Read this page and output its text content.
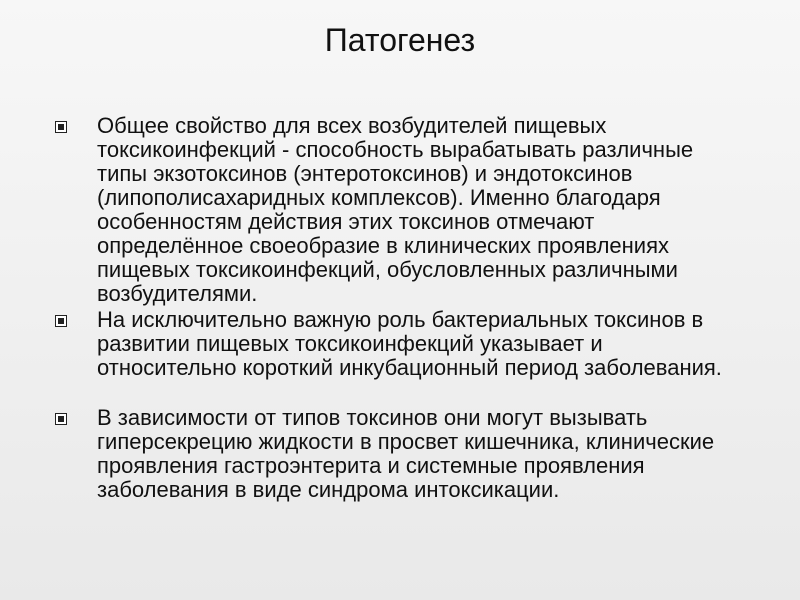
Патогенез
Общее свойство для всех возбудителей пищевых токсикоинфекций - способность вырабатывать различные типы экзотоксинов (энтеротоксинов) и эндотоксинов (липополисахаридных комплексов). Именно благодаря особенностям действия этих токсинов отмечают определённое своеобразие в клинических проявлениях пищевых токсикоинфекций, обусловленных различными возбудителями.
На исключительно важную роль бактериальных токсинов в развитии пищевых токсикоинфекций указывает и относительно короткий инкубационный период заболевания.
В зависимости от типов токсинов они могут вызывать гиперсекрецию жидкости в просвет кишечника, клинические проявления гастроэнтерита и системные проявления заболевания в виде синдрома интоксикации.
